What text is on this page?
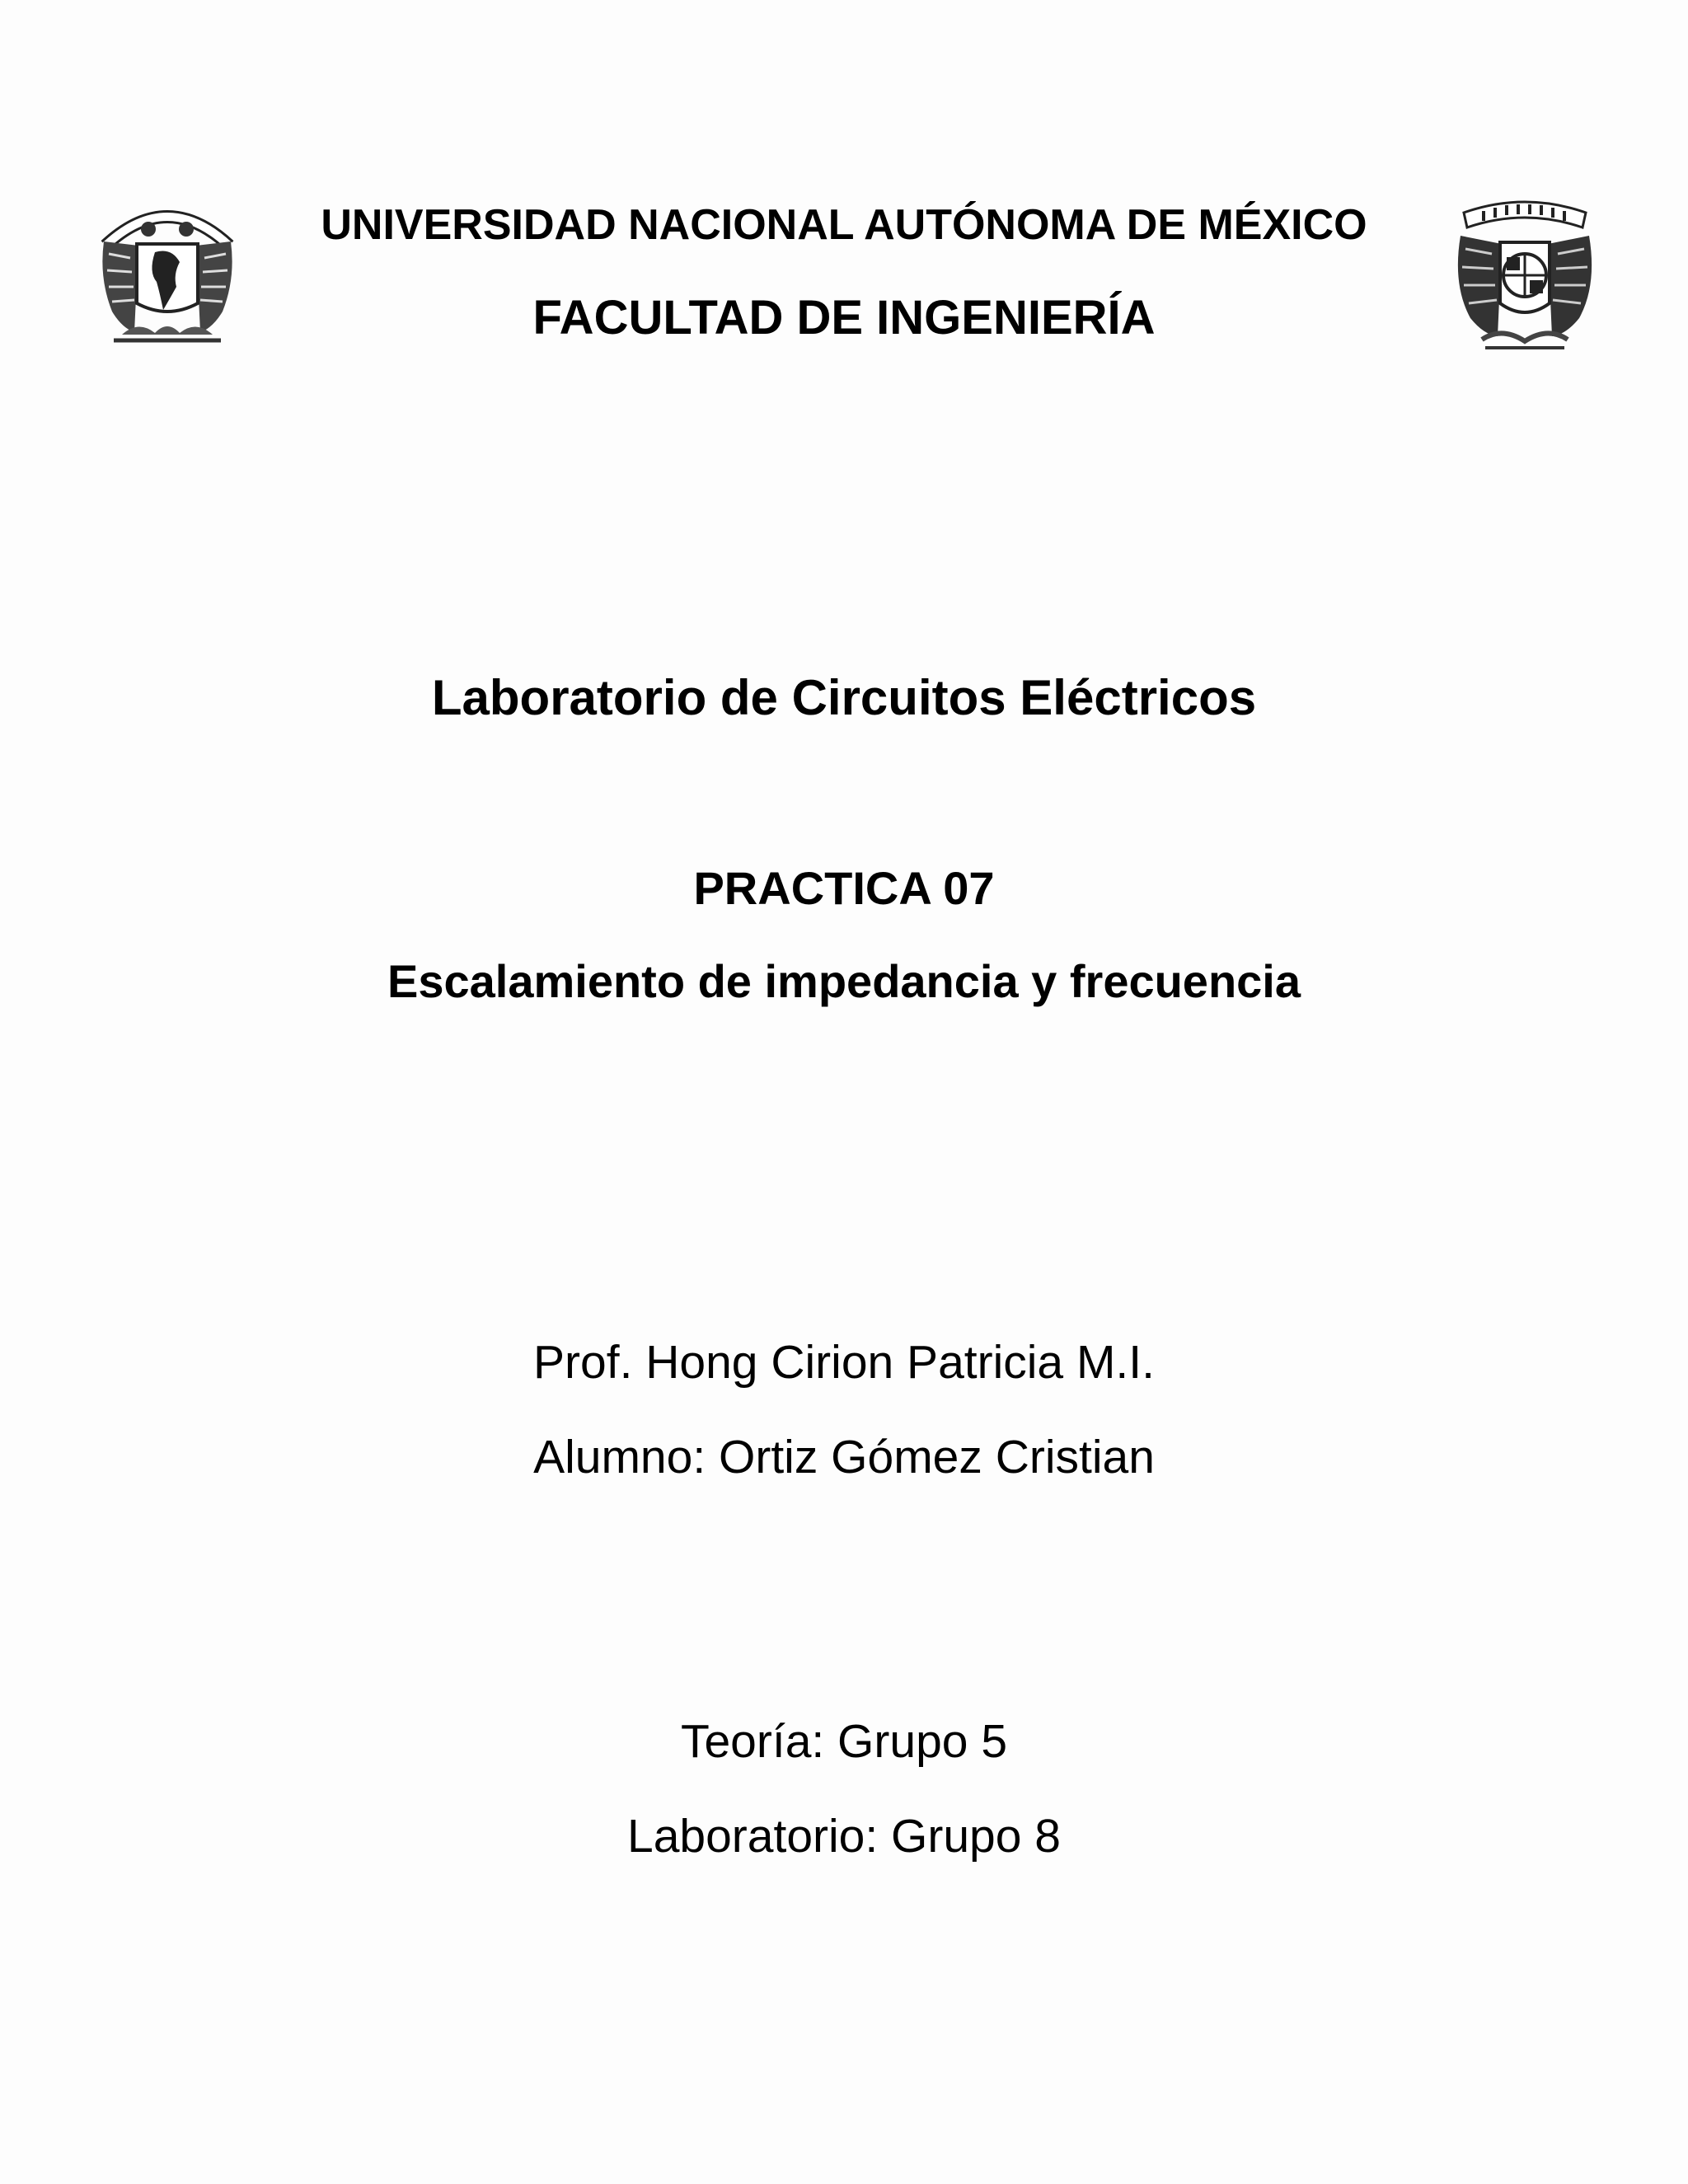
UNIVERSIDAD NACIONAL AUTÓNOMA DE MÉXICO
FACULTAD DE INGENIERÍA
Laboratorio de Circuitos Eléctricos
PRACTICA 07
Escalamiento de impedancia y frecuencia
Prof. Hong Cirion Patricia M.I.
Alumno: Ortiz Gómez Cristian
Teoría: Grupo 5
Laboratorio: Grupo 8
